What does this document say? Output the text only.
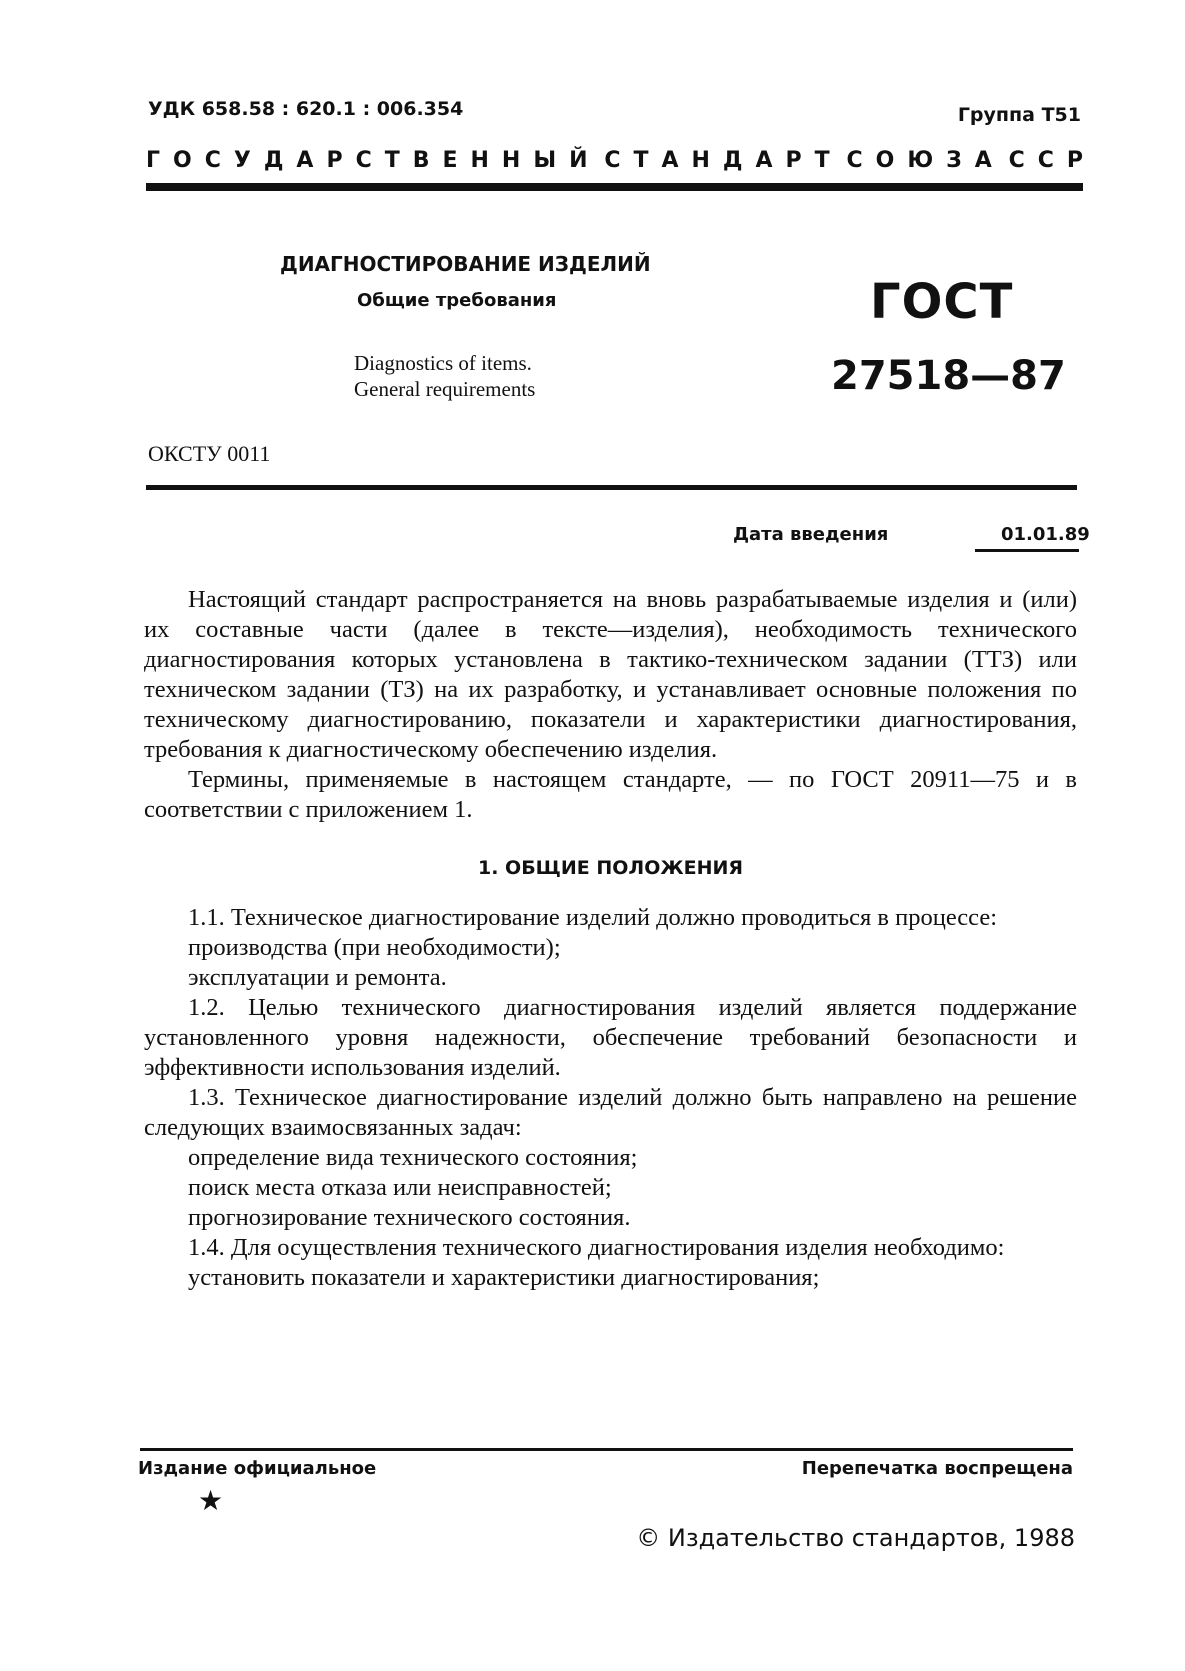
УДК 658.58 : 620.1 : 006.354	Группа Т51
ГОСУДАРСТВЕННЫЙ СТАНДАРТ СОЮЗА ССР
ДИАГНОСТИРОВАНИЕ ИЗДЕЛИЙ
Общие требования
Diagnostics of items.
General requirements
ГОСТ
27518—87
ОКСТУ 0011
Дата введения	01.01.89

Настоящий стандарт распространяется на вновь разрабатываемые изделия и (или) их составные части (далее в тексте—изделия), необходимость технического диагностирования которых установлена в тактико-техническом задании (ТТЗ) или техническом задании (ТЗ) на их разработку, и устанавливает основные положения по техническому диагностированию, показатели и характеристики диагностирования, требования к диагностическому обеспечению изделия.

Термины, применяемые в настоящем стандарте, — по ГОСТ 20911—75 и в соответствии с приложением 1.

1. ОБЩИЕ ПОЛОЖЕНИЯ

1.1. Техническое диагностирование изделий должно проводиться в процессе:

производства (при необходимости);

эксплуатации и ремонта.

1.2. Целью технического диагностирования изделий является поддержание установленного уровня надежности, обеспечение требований безопасности и эффективности использования изделий.

1.3. Техническое диагностирование изделий должно быть направлено на решение следующих взаимосвязанных задач:

определение вида технического состояния;

поиск места отказа или неисправностей;

прогнозирование технического состояния.

1.4. Для осуществления технического диагностирования изделия необходимо:

установить показатели и характеристики диагностирования;

Издание официальное	Перепечатка воспрещена
★
© Издательство стандартов, 1988
